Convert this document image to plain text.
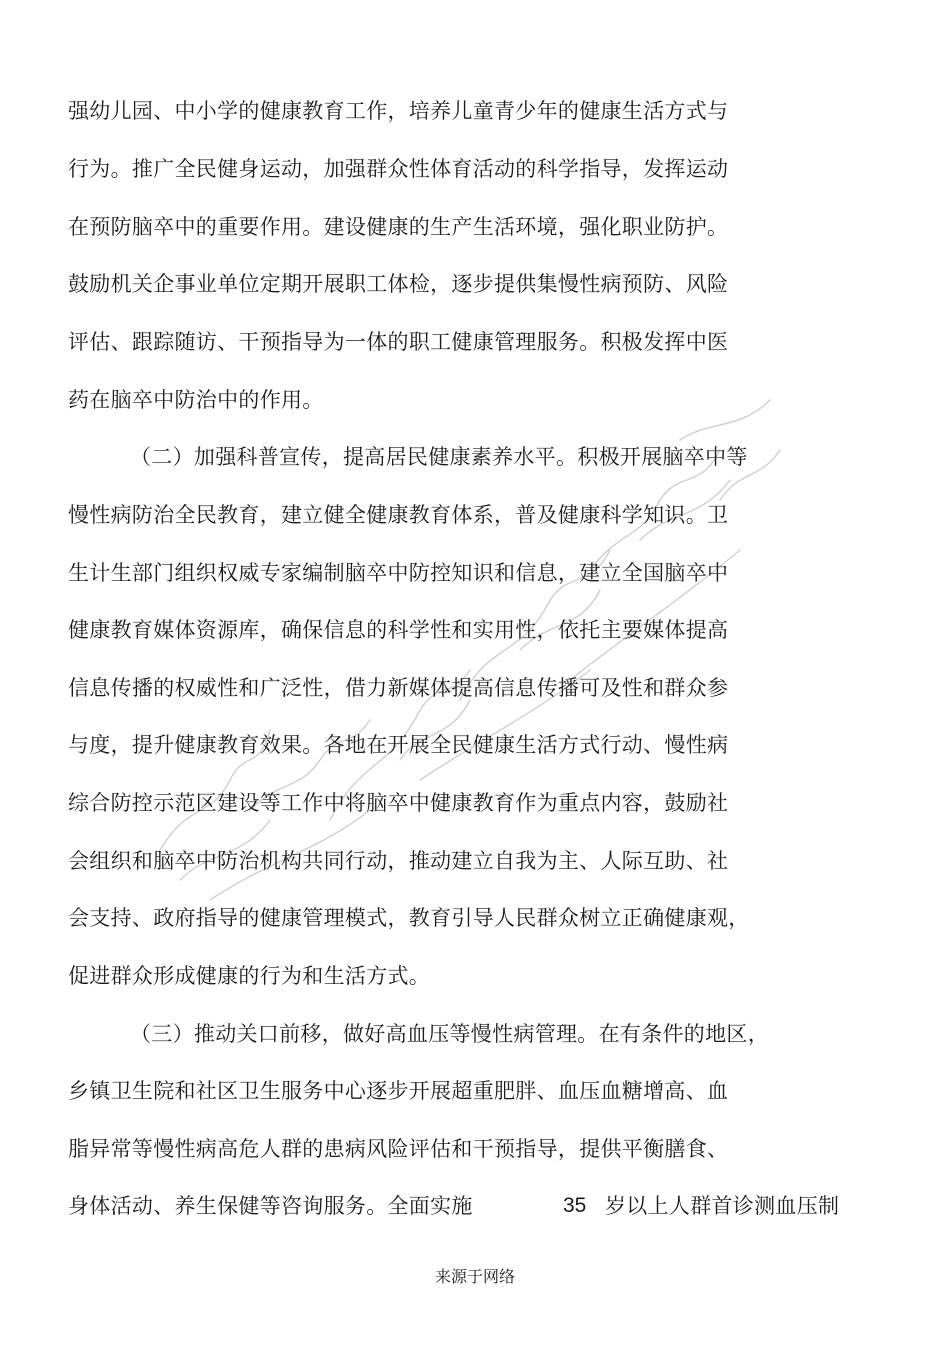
强幼儿园、中小学的健康教育工作，培养儿童青少年的健康生活方式与
行为。推广全民健身运动，加强群众性体育活动的科学指导，发挥运动
在预防脑卒中的重要作用。建设健康的生产生活环境，强化职业防护。
鼓励机关企事业单位定期开展职工体检，逐步提供集慢性病预防、风险
评估、跟踪随访、干预指导为一体的职工健康管理服务。积极发挥中医
药在脑卒中防治中的作用。
（二）加强科普宣传，提高居民健康素养水平。积极开展脑卒中等
慢性病防治全民教育，建立健全健康教育体系，普及健康科学知识。卫
生计生部门组织权威专家编制脑卒中防控知识和信息，建立全国脑卒中
健康教育媒体资源库，确保信息的科学性和实用性，依托主要媒体提高
信息传播的权威性和广泛性，借力新媒体提高信息传播可及性和群众参
与度，提升健康教育效果。各地在开展全民健康生活方式行动、慢性病
综合防控示范区建设等工作中将脑卒中健康教育作为重点内容，鼓励社
会组织和脑卒中防治机构共同行动，推动建立自我为主、人际互助、社
会支持、政府指导的健康管理模式，教育引导人民群众树立正确健康观，
促进群众形成健康的行为和生活方式。
（三）推动关口前移，做好高血压等慢性病管理。在有条件的地区，
乡镇卫生院和社区卫生服务中心逐步开展超重肥胖、血压血糖增高、血
脂异常等慢性病高危人群的患病风险评估和干预指导，提供平衡膳食、
身体活动、养生保健等咨询服务。全面实施	35 岁以上人群首诊测血压制
来源于网络
